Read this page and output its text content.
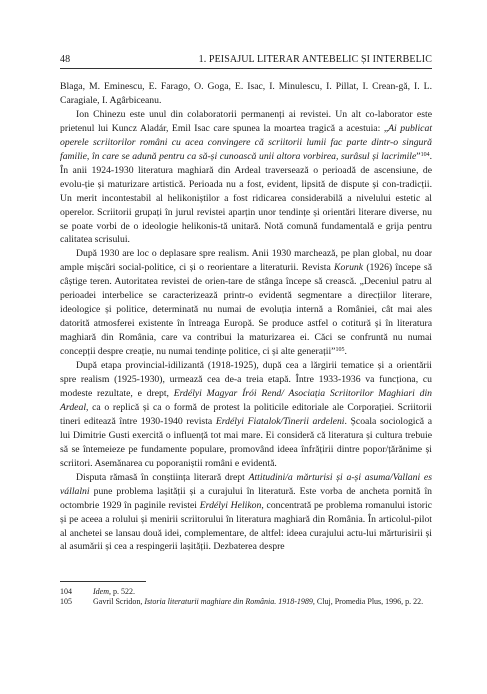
48	1. PEISAJUL LITERAR ANTEBELIC ȘI INTERBELIC

Blaga, M. Eminescu, E. Farago, O. Goga, E. Isac, I. Minulescu, I. Pillat, I. Crean-gă, I. L. Caragiale, I. Agârbiceanu.

Ion Chinezu este unul din colaboratorii permanenți ai revistei. Un alt co-laborator este prietenul lui Kuncz Aladár, Emil Isac care spunea la moartea tragică a acestuia: „Ai publicat operele scriitorilor români cu acea convingere că scriitorii lumii fac parte dintr-o singură familie, în care se adună pentru ca să-și cunoască unii altora vorbirea, surâsul și lacrimile”$^{104}$. În anii 1924-1930 literatura maghiară din Ardeal traversează o perioadă de ascensiune, de evolu-ție și maturizare artistică. Perioada nu a fost, evident, lipsită de dispute și con-tradicții. Un merit incontestabil al helikoniștilor a fost ridicarea considerabilă a nivelului estetic al operelor. Scriitorii grupați în jurul revistei aparțin unor tendințe și orientări literare diverse, nu se poate vorbi de o ideologie helikonis-tă unitară. Notă comună fundamentală e grija pentru calitatea scrisului.

După 1930 are loc o deplasare spre realism. Anii 1930 marchează, pe plan global, nu doar ample mișcări social-politice, ci și o reorientare a literaturii. Revista Korunk (1926) începe să câștige teren. Autoritatea revistei de orien-tare de stânga începe să crească. „Deceniul patru al perioadei interbelice se caracterizează printr-o evidentă segmentare a direcțiilor literare, ideologice și politice, determinată nu numai de evoluția internă a României, cât mai ales datorită atmosferei existente în întreaga Europă. Se produce astfel o cotitură și în literatura maghiară din România, care va contribui la maturizarea ei. Căci se confruntă nu numai concepții despre creație, nu numai tendințe politice, ci și alte generații”$^{105}$.

După etapa provincial-idilizantă (1918-1925), după cea a lărgirii tematice și a orientării spre realism (1925-1930), urmează cea de-a treia etapă. Între 1933-1936 va funcționa, cu modeste rezultate, e drept, Erdélyi Magyar Írói Rend/ Asociația Scriitorilor Maghiari din Ardeal, ca o replică și ca o formă de protest la politicile editoriale ale Corporației. Scriitorii tineri editează între 1930-1940 revista Erdélyi Fiatalok/Tinerii ardeleni. Școala sociologică a lui Dimitrie Gusti exercită o influență tot mai mare. Ei consideră că literatura și cultura trebuie să se întemeieze pe fundamente populare, promovând ideea înfrățirii dintre popor/țărănime și scriitori. Asemănarea cu poporaniștii români e evidentă.

Disputa rămasă în conștiința literară drept Attitudini/a mărturisi și a-și asuma/Vallani es vállalni pune problema lașității și a curajului în literatură. Este vorba de ancheta pornită în octombrie 1929 în paginile revistei Erdélyi Helikon, concentrată pe problema romanului istoric și pe aceea a rolului și menirii scriitorului în literatura maghiară din România. În articolul-pilot al anchetei se lansau două idei, complementare, de altfel: ideea curajului actu-lui mărturisirii și al asumării și cea a respingerii lașității. Dezbaterea despre

104	Idem, p. 522.
105	Gavril Scridon, Istoria literaturii maghiare din România. 1918-1989, Cluj, Promedia Plus, 1996, p. 22.
